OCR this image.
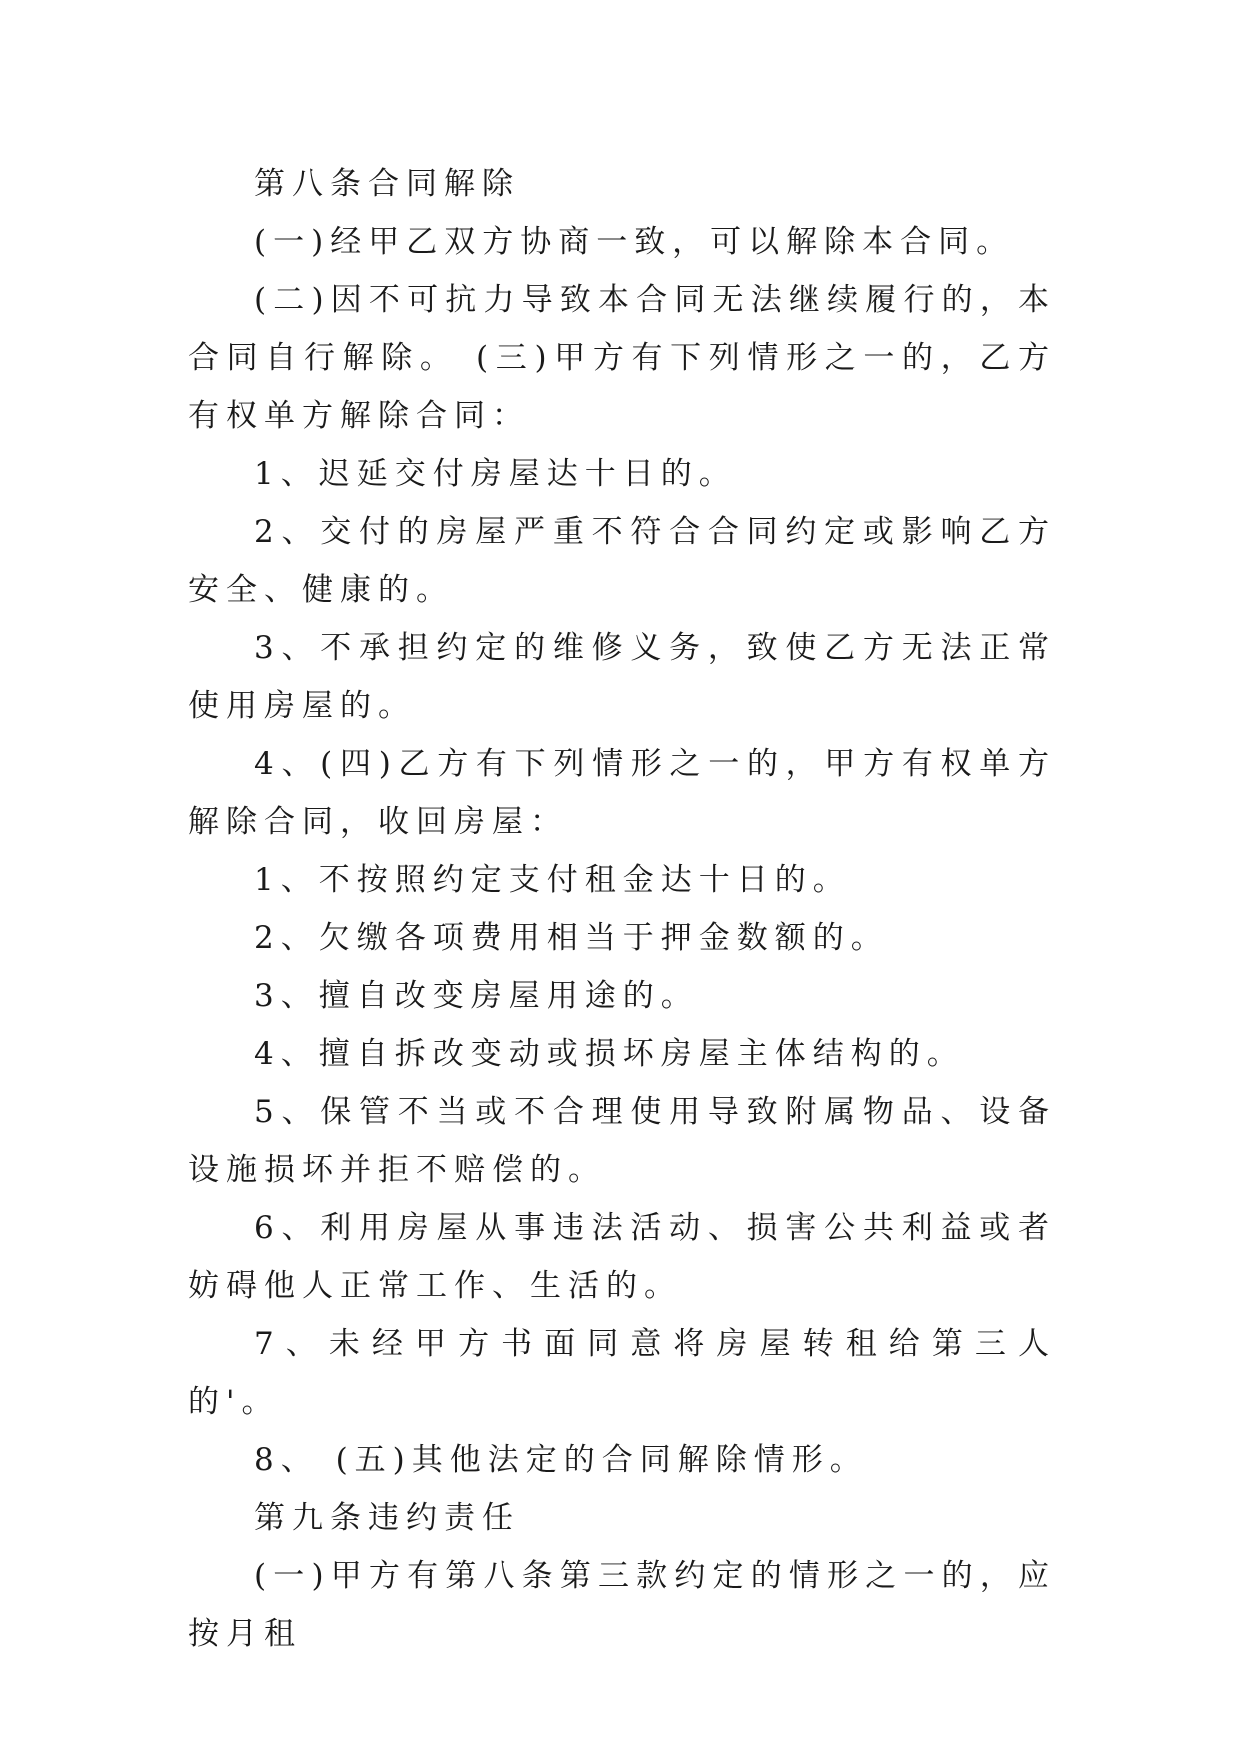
第八条合同解除

(一)经甲乙双方协商一致，可以解除本合同。

(二)因不可抗力导致本合同无法继续履行的，本合同自行解除。 (三)甲方有下列情形之一的，乙方有权单方解除合同：

1、迟延交付房屋达十日的。

2、交付的房屋严重不符合合同约定或影响乙方安全、健康的。

3、不承担约定的维修义务，致使乙方无法正常使用房屋的。

4、(四)乙方有下列情形之一的，甲方有权单方解除合同，收回房屋：

1、不按照约定支付租金达十日的。

2、欠缴各项费用相当于押金数额的。

3、擅自改变房屋用途的。

4、擅自拆改变动或损坏房屋主体结构的。

5、保管不当或不合理使用导致附属物品、设备设施损坏并拒不赔偿的。

6、利用房屋从事违法活动、损害公共利益或者妨碍他人正常工作、生活的。

7、未经甲方书面同意将房屋转租给第三人的'。

8、 (五)其他法定的合同解除情形。

第九条违约责任

(一)甲方有第八条第三款约定的情形之一的，应按月租
